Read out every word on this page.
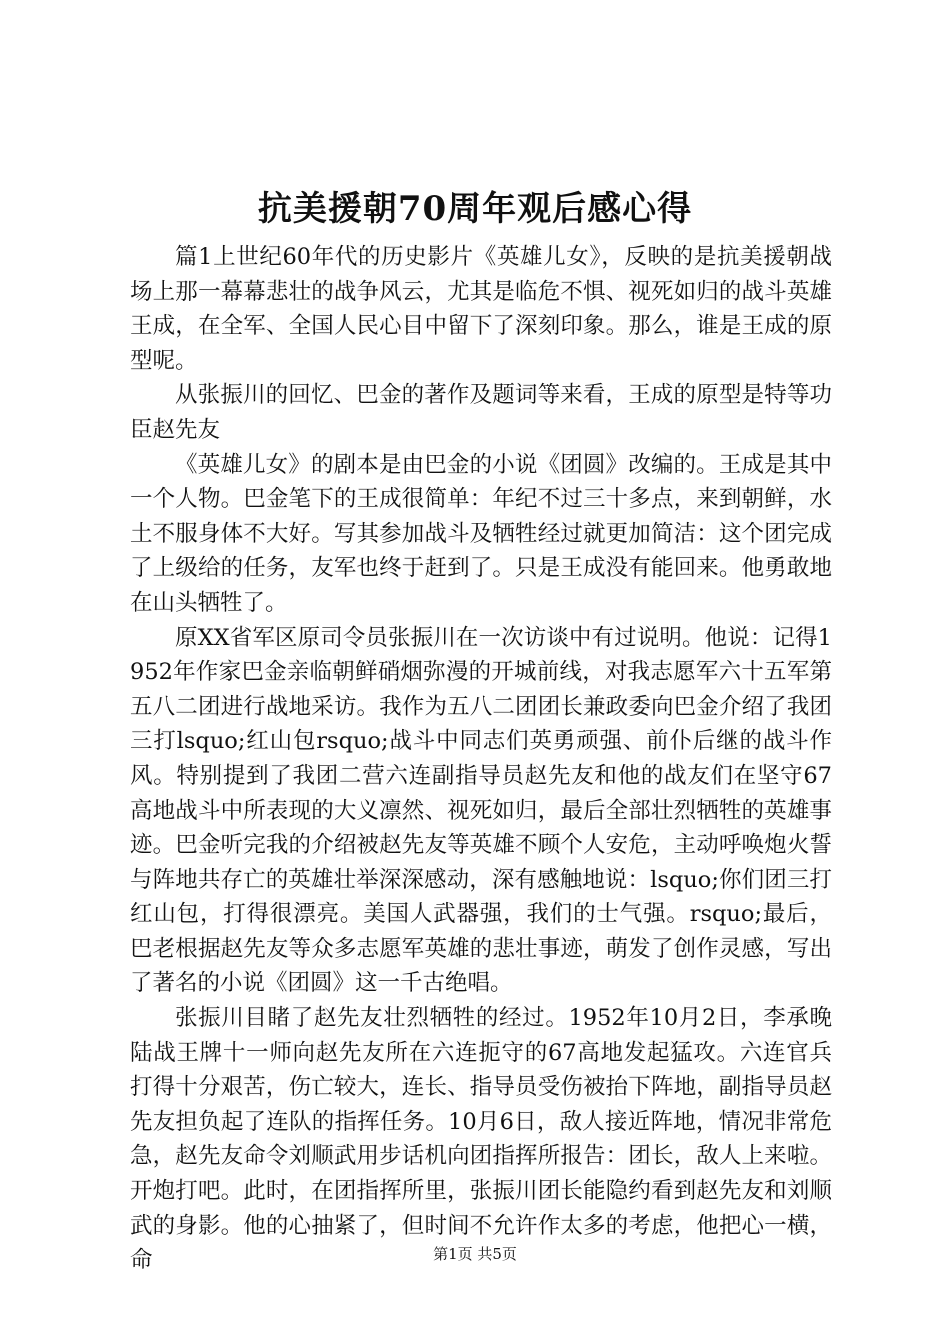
抗美援朝70周年观后感心得

篇1上世纪60年代的历史影片《英雄儿女》，反映的是抗美援朝战场上那一幕幕悲壮的战争风云，尤其是临危不惧、视死如归的战斗英雄王成，在全军、全国人民心目中留下了深刻印象。那么，谁是王成的原型呢。

从张振川的回忆、巴金的著作及题词等来看，王成的原型是特等功臣赵先友

《英雄儿女》的剧本是由巴金的小说《团圆》改编的。王成是其中一个人物。巴金笔下的王成很简单：年纪不过三十多点，来到朝鲜，水土不服身体不大好。写其参加战斗及牺牲经过就更加简洁：这个团完成了上级给的任务，友军也终于赶到了。只是王成没有能回来。他勇敢地在山头牺牲了。

原XX省军区原司令员张振川在一次访谈中有过说明。他说：记得1952年作家巴金亲临朝鲜硝烟弥漫的开城前线，对我志愿军六十五军第五八二团进行战地采访。我作为五八二团团长兼政委向巴金介绍了我团三打lsquo;红山包rsquo;战斗中同志们英勇顽强、前仆后继的战斗作风。特别提到了我团二营六连副指导员赵先友和他的战友们在坚守67高地战斗中所表现的大义凛然、视死如归，最后全部壮烈牺牲的英雄事迹。巴金听完我的介绍被赵先友等英雄不顾个人安危，主动呼唤炮火誓与阵地共存亡的英雄壮举深深感动，深有感触地说：lsquo;你们团三打红山包，打得很漂亮。美国人武器强，我们的士气强。rsquo;最后，巴老根据赵先友等众多志愿军英雄的悲壮事迹，萌发了创作灵感，写出了著名的小说《团圆》这一千古绝唱。

张振川目睹了赵先友壮烈牺牲的经过。1952年10月2日，李承晚陆战王牌十一师向赵先友所在六连扼守的67高地发起猛攻。六连官兵打得十分艰苦，伤亡较大，连长、指导员受伤被抬下阵地，副指导员赵先友担负起了连队的指挥任务。10月6日，敌人接近阵地，情况非常危急，赵先友命令刘顺武用步话机向团指挥所报告：团长，敌人上来啦。开炮打吧。此时，在团指挥所里，张振川团长能隐约看到赵先友和刘顺武的身影。他的心抽紧了，但时间不允许作太多的考虑，他把心一横，命	第1页 共5页
